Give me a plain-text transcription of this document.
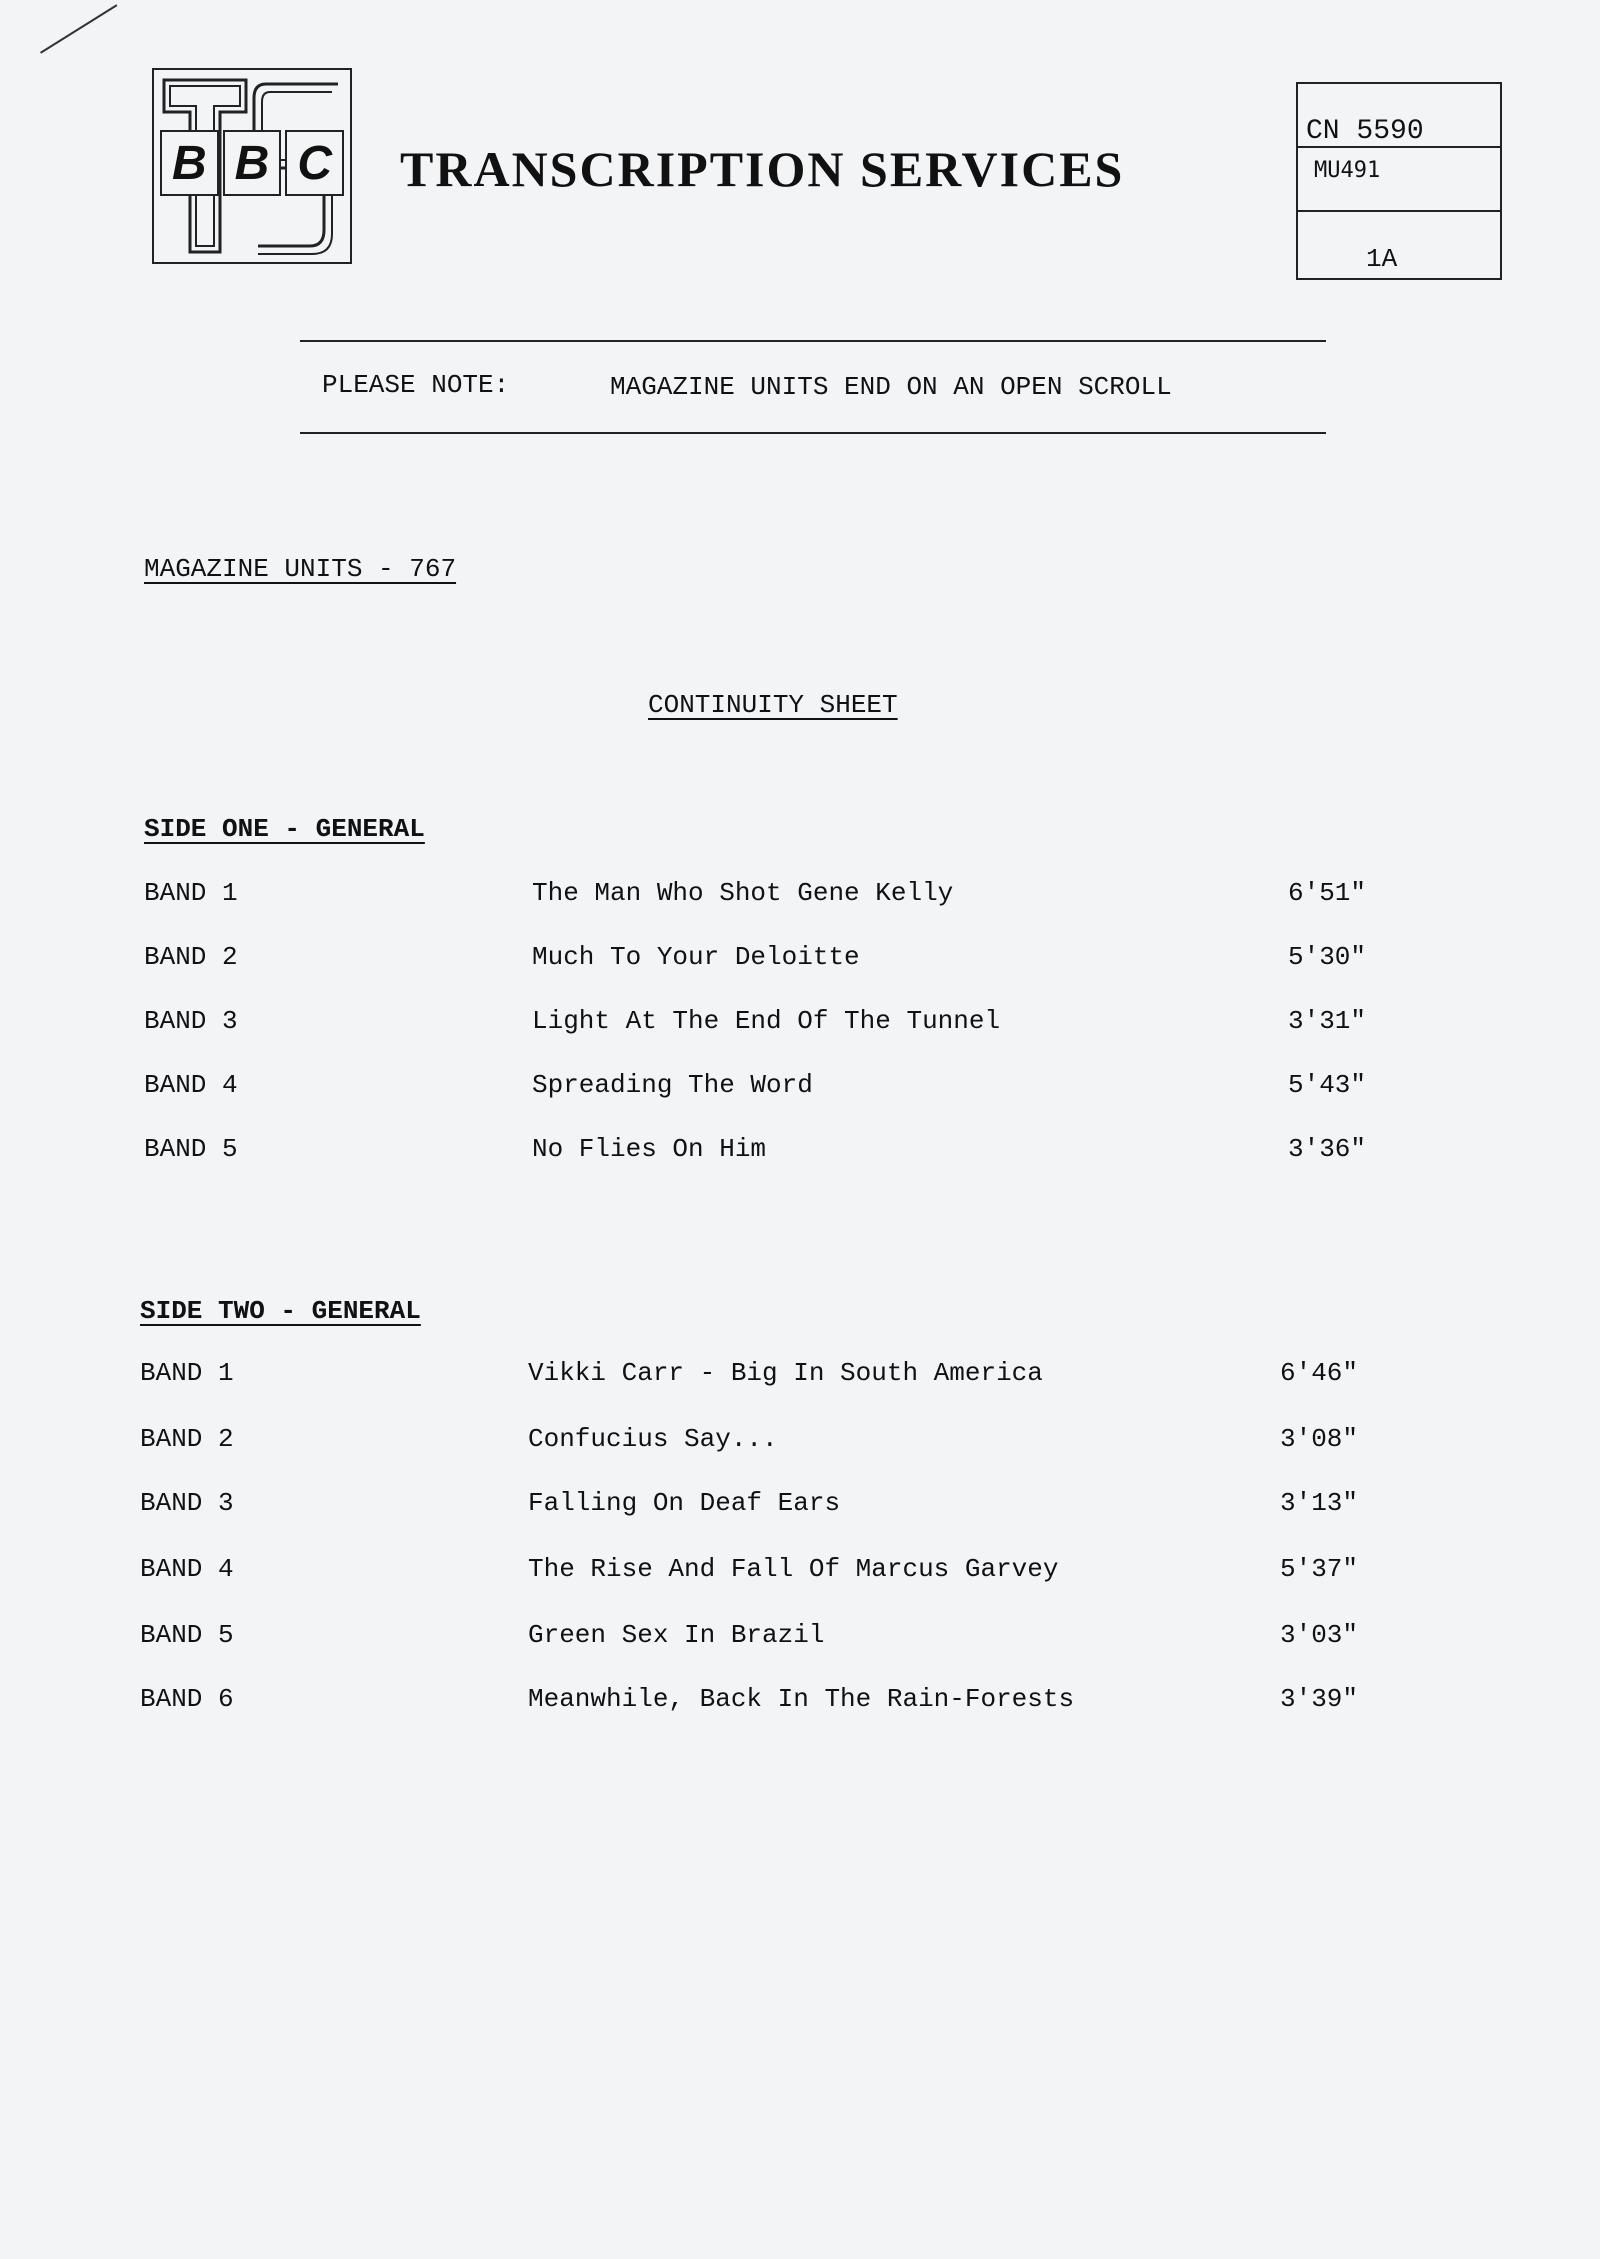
B B C TRANSCRIPTION SERVICES
CN 5590
MU491
1A
PLEASE NOTE:	MAGAZINE UNITS END ON AN OPEN SCROLL
MAGAZINE UNITS - 767
CONTINUITY SHEET
SIDE ONE - GENERAL
BAND 1	The Man Who Shot Gene Kelly	6'51"
BAND 2	Much To Your Deloitte	5'30"
BAND 3	Light At The End Of The Tunnel	3'31"
BAND 4	Spreading The Word	5'43"
BAND 5	No Flies On Him	3'36"
SIDE TWO - GENERAL
BAND 1	Vikki Carr - Big In South America	6'46"
BAND 2	Confucius Say...	3'08"
BAND 3	Falling On Deaf Ears	3'13"
BAND 4	The Rise And Fall Of Marcus Garvey	5'37"
BAND 5	Green Sex In Brazil	3'03"
BAND 6	Meanwhile, Back In The Rain-Forests	3'39"
